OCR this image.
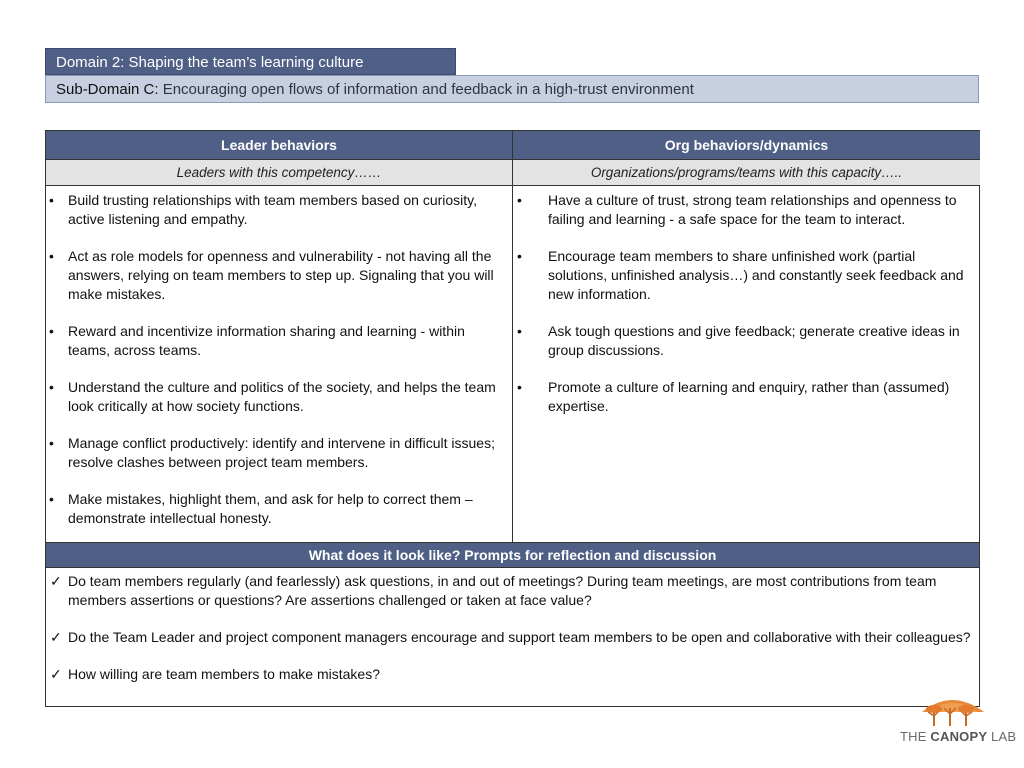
Domain 2: Shaping the team’s learning culture
Sub-Domain C: Encouraging open flows of information and feedback in a high-trust environment
Leader behaviors	Org behaviors/dynamics
Leaders with this competency……	Organizations/programs/teams with this capacity…..
• Build trusting relationships with team members based on curiosity, active listening and empathy.
• Act as role models for openness and vulnerability - not having all the answers, relying on team members to step up. Signaling that you will make mistakes.
• Reward and incentivize information sharing and learning - within teams, across teams.
• Understand the culture and politics of the society, and helps the team look critically at how society functions.
• Manage conflict productively: identify and intervene in difficult issues; resolve clashes between project team members.
• Make mistakes, highlight them, and ask for help to correct them – demonstrate intellectual honesty.
• Have a culture of trust, strong team relationships and openness to failing and learning - a safe space for the team to interact.
• Encourage team members to share unfinished work (partial solutions, unfinished analysis…) and constantly seek feedback and new information.
• Ask tough questions and give feedback; generate creative ideas in group discussions.
• Promote a culture of learning and enquiry, rather than (assumed) expertise.
What does it look like? Prompts for reflection and discussion
✓ Do team members regularly (and fearlessly) ask questions, in and out of meetings? During team meetings, are most contributions from team members assertions or questions? Are assertions challenged or taken at face value?
✓ Do the Team Leader and project component managers encourage and support team members to be open and collaborative with their colleagues?
✓ How willing are team members to make mistakes?
THE CANOPY LAB
